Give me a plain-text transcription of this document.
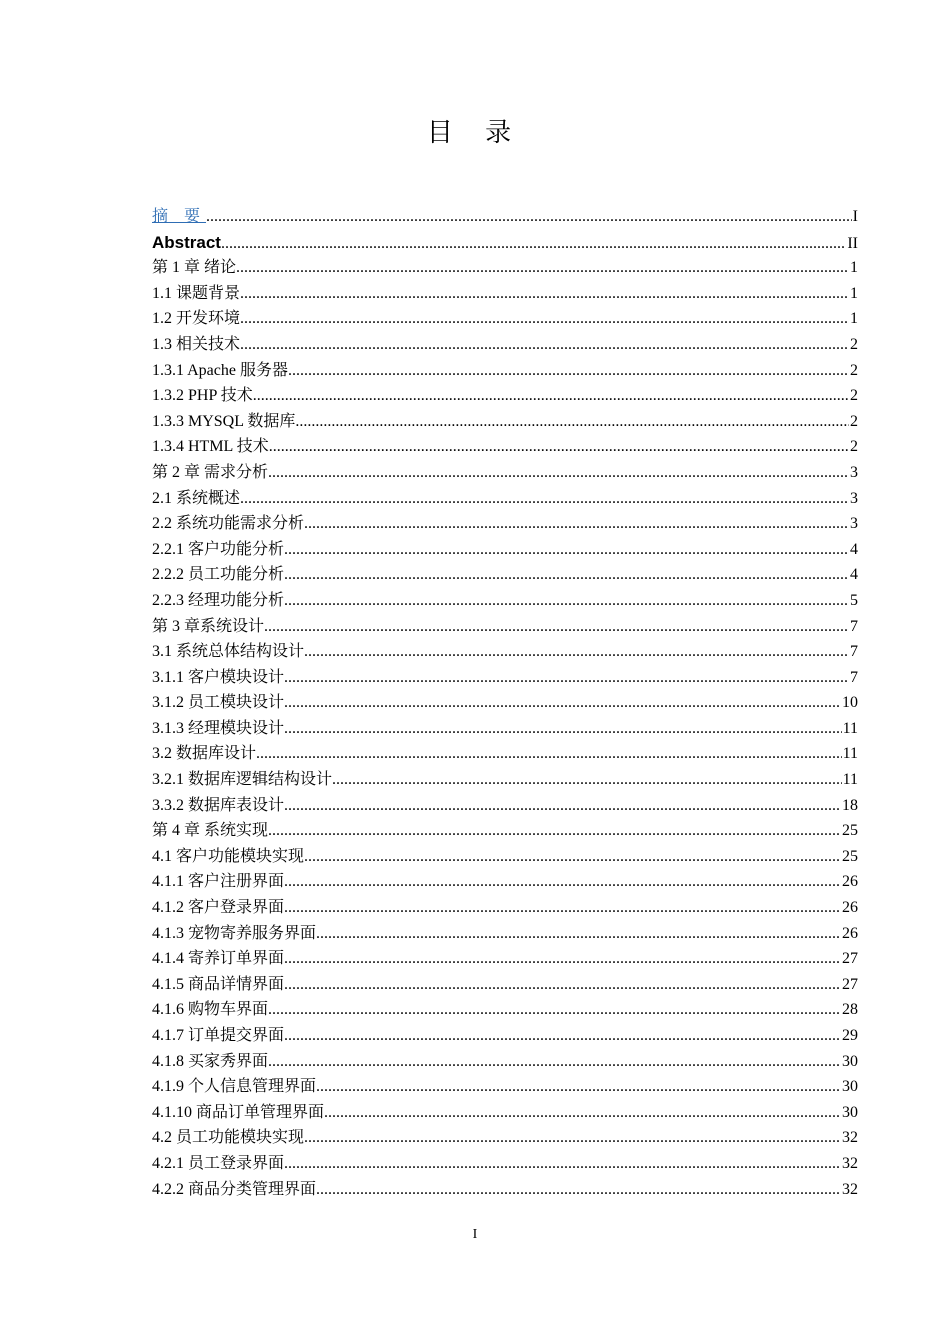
目 录
摘 要 .....	I
Abstract .....	II
第 1 章 绪论 .....	1
1.1 课题背景 .....	1
1.2 开发环境 .....	1
1.3 相关技术 .....	2
1.3.1 Apache 服务器 .....	2
1.3.2 PHP 技术 .....	2
1.3.3 MYSQL 数据库 .....	2
1.3.4 HTML 技术 .....	2
第 2 章 需求分析 .....	3
2.1 系统概述 .....	3
2.2 系统功能需求分析 .....	3
2.2.1 客户功能分析 .....	4
2.2.2 员工功能分析 .....	4
2.2.3 经理功能分析 .....	5
第 3 章系统设计 .....	7
3.1 系统总体结构设计 .....	7
3.1.1 客户模块设计 .....	7
3.1.2 员工模块设计 .....	10
3.1.3 经理模块设计 .....	11
3.2 数据库设计 .....	11
3.2.1 数据库逻辑结构设计 .....	11
3.3.2 数据库表设计 .....	18
第 4 章 系统实现 .....	25
4.1 客户功能模块实现 .....	25
4.1.1 客户注册界面 .....	26
4.1.2 客户登录界面 .....	26
4.1.3 宠物寄养服务界面 .....	26
4.1.4 寄养订单界面 .....	27
4.1.5 商品详情界面 .....	27
4.1.6 购物车界面 .....	28
4.1.7 订单提交界面 .....	29
4.1.8 买家秀界面 .....	30
4.1.9 个人信息管理界面 .....	30
4.1.10 商品订单管理界面 .....	30
4.2 员工功能模块实现 .....	32
4.2.1 员工登录界面 .....	32
4.2.2 商品分类管理界面 .....	32
I
